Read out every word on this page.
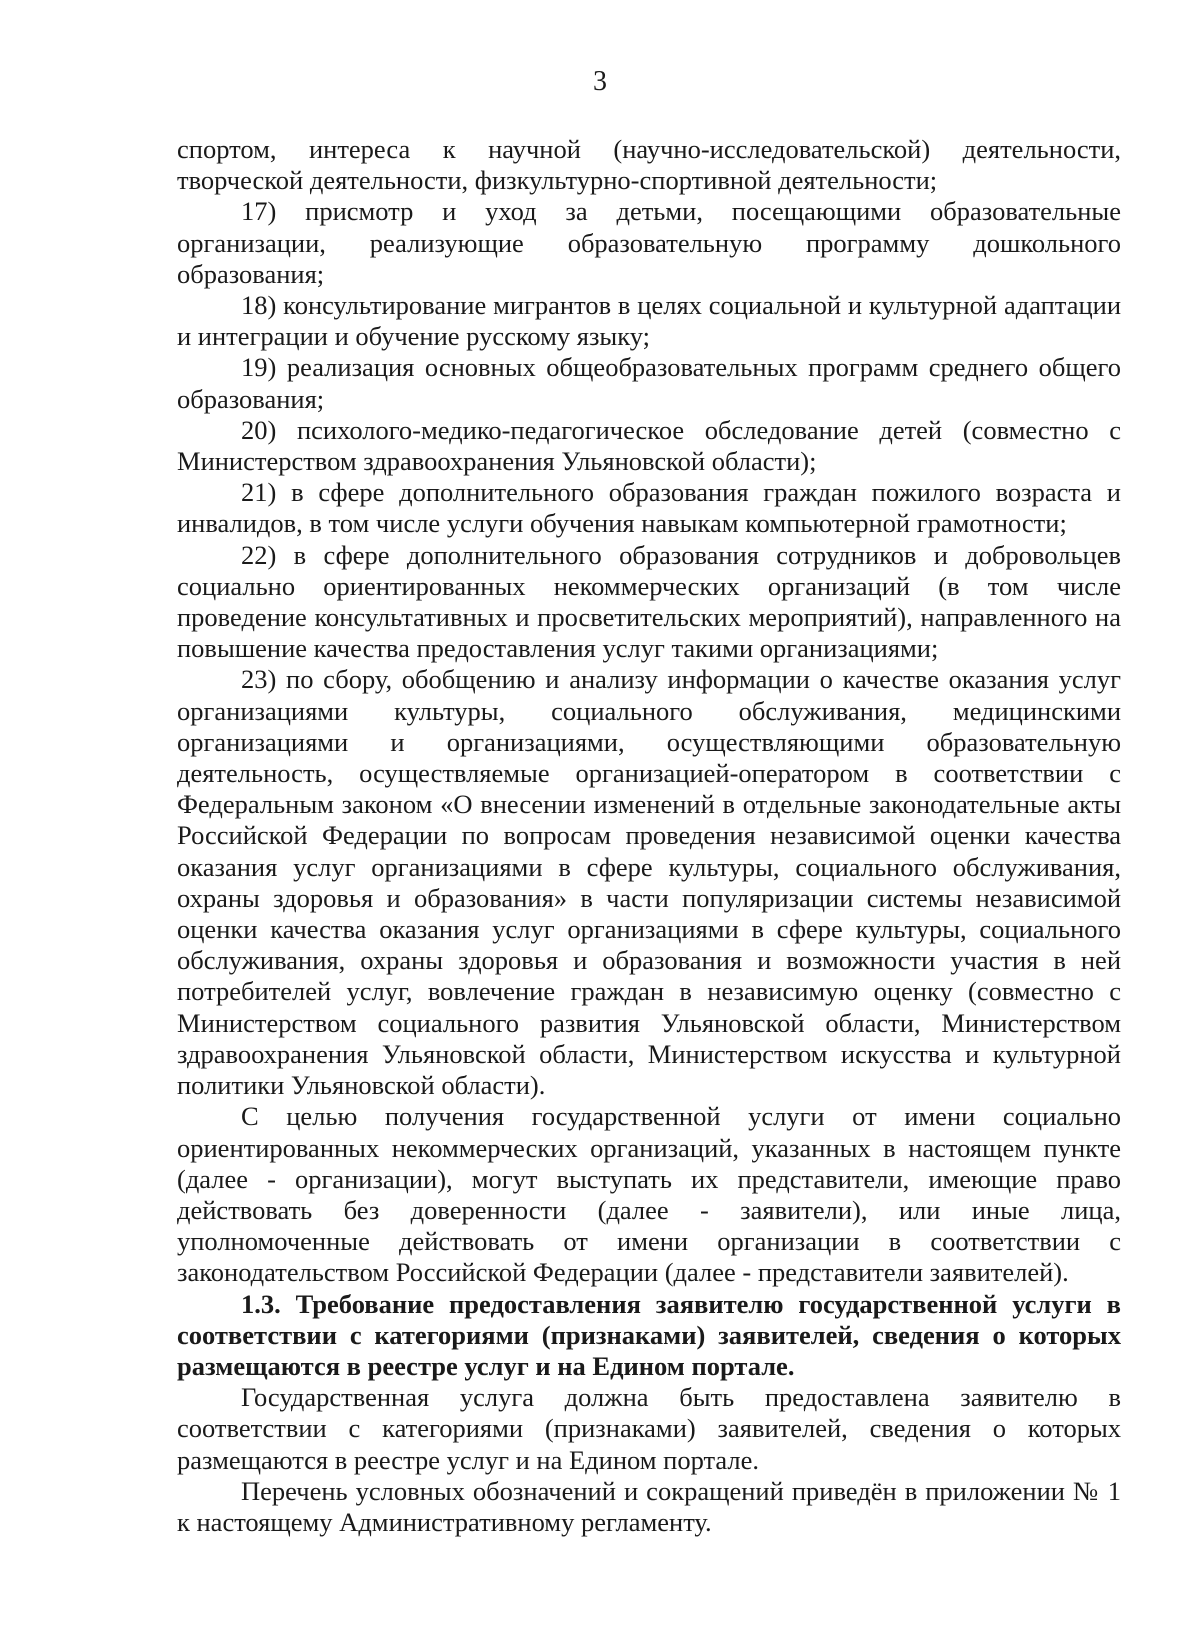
3

спортом, интереса к научной (научно-исследовательской) деятельности, творческой деятельности, физкультурно-спортивной деятельности;

17) присмотр и уход за детьми, посещающими образовательные организации, реализующие образовательную программу дошкольного образования;

18) консультирование мигрантов в целях социальной и культурной адаптации и интеграции и обучение русскому языку;

19) реализация основных общеобразовательных программ среднего общего образования;

20) психолого-медико-педагогическое обследование детей (совместно с Министерством здравоохранения Ульяновской области);

21) в сфере дополнительного образования граждан пожилого возраста и инвалидов, в том числе услуги обучения навыкам компьютерной грамотности;

22) в сфере дополнительного образования сотрудников и добровольцев социально ориентированных некоммерческих организаций (в том числе проведение консультативных и просветительских мероприятий), направленного на повышение качества предоставления услуг такими организациями;

23) по сбору, обобщению и анализу информации о качестве оказания услуг организациями культуры, социального обслуживания, медицинскими организациями и организациями, осуществляющими образовательную деятельность, осуществляемые организацией-оператором в соответствии с Федеральным законом «О внесении изменений в отдельные законодательные акты Российской Федерации по вопросам проведения независимой оценки качества оказания услуг организациями в сфере культуры, социального обслуживания, охраны здоровья и образования» в части популяризации системы независимой оценки качества оказания услуг организациями в сфере культуры, социального обслуживания, охраны здоровья и образования и возможности участия в ней потребителей услуг, вовлечение граждан в независимую оценку (совместно с Министерством социального развития Ульяновской области, Министерством здравоохранения Ульяновской области, Министерством искусства и культурной политики Ульяновской области).

С целью получения государственной услуги от имени социально ориентированных некоммерческих организаций, указанных в настоящем пункте (далее - организации), могут выступать их представители, имеющие право действовать без доверенности (далее - заявители), или иные лица, уполномоченные действовать от имени организации в соответствии с законодательством Российской Федерации (далее - представители заявителей).

1.3. Требование предоставления заявителю государственной услуги в соответствии с категориями (признаками) заявителей, сведения о которых размещаются в реестре услуг и на Едином портале.

Государственная услуга должна быть предоставлена заявителю в соответствии с категориями (признаками) заявителей, сведения о которых размещаются в реестре услуг и на Едином портале.

Перечень условных обозначений и сокращений приведён в приложении № 1 к настоящему Административному регламенту.
